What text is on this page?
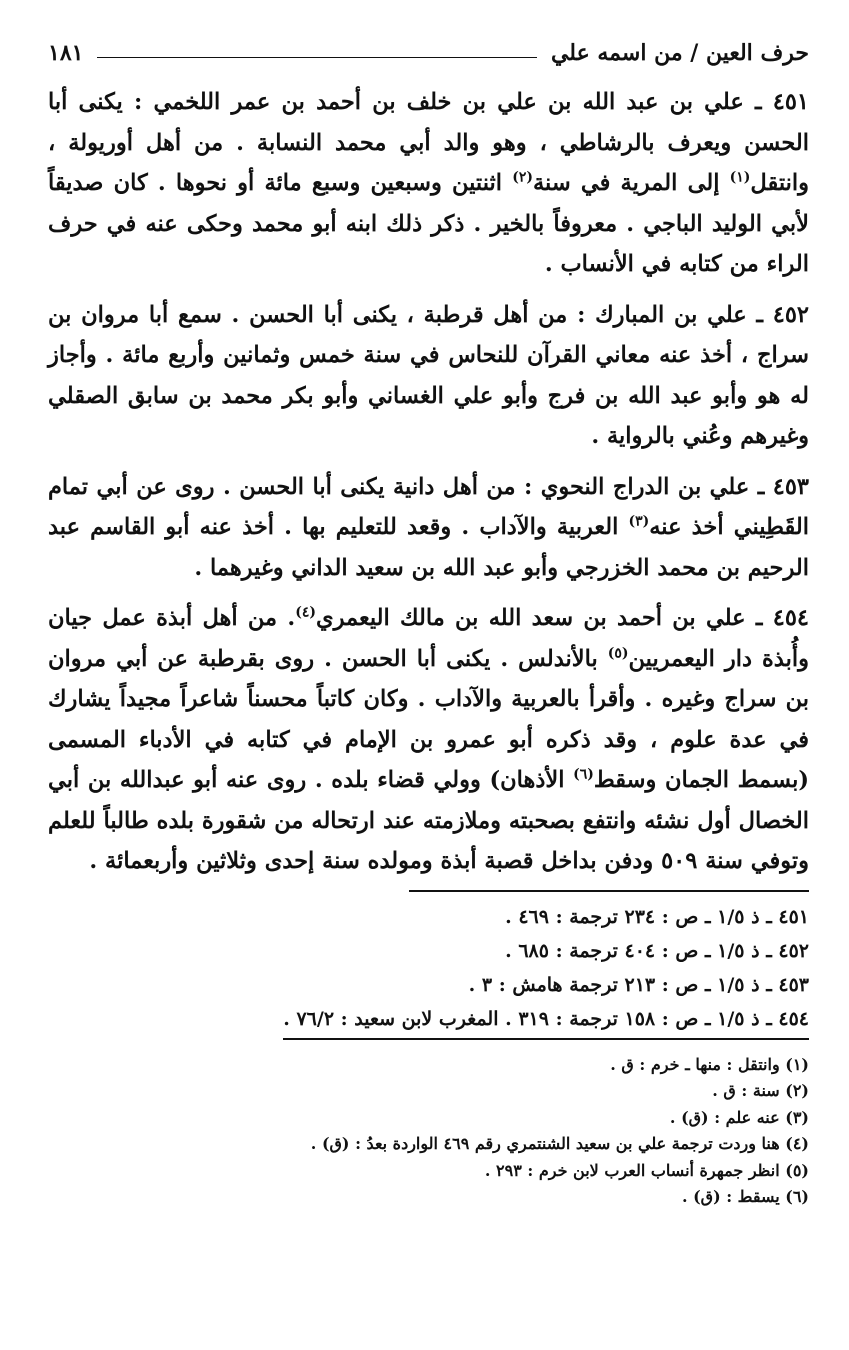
حرف العين / من اسمه علي
١٨١

٤٥١ ـ علي بن عبد الله بن علي بن خلف بن أحمد بن عمر اللخمي : يكنى أبا الحسن ويعرف بالرشاطي ، وهو والد أبي محمد النسابة . من أهل أوريولة ، وانتقل$^{(١)}$ إلى المرية في سنة$^{(٢)}$ اثنتين وسبعين وسبع مائة أو نحوها . كان صديقاً لأبي الوليد الباجي . معروفاً بالخير . ذكر ذلك ابنه أبو محمد وحكى عنه في حرف الراء من كتابه في الأنساب .

٤٥٢ ـ علي بن المبارك : من أهل قرطبة ، يكنى أبا الحسن . سمع أبا مروان بن سراج ، أخذ عنه معاني القرآن للنحاس في سنة خمس وثمانين وأربع مائة . وأجاز له هو وأبو عبد الله بن فرج وأبو علي الغساني وأبو بكر محمد بن سابق الصقلي وغيرهم وعُني بالرواية .

٤٥٣ ـ علي بن الدراج النحوي : من أهل دانية يكنى أبا الحسن . روى عن أبي تمام القَطِيني أخذ عنه$^{(٣)}$ العربية والآداب . وقعد للتعليم بها . أخذ عنه أبو القاسم عبد الرحيم بن محمد الخزرجي وأبو عبد الله بن سعيد الداني وغيرهما .

٤٥٤ ـ علي بن أحمد بن سعد الله بن مالك اليعمري$^{(٤)}$. من أهل أبذة عمل جيان وأُبذة دار اليعمريين$^{(٥)}$ بالأندلس . يكنى أبا الحسن . روى بقرطبة عن أبي مروان بن سراج وغيره . وأقرأ بالعربية والآداب . وكان كاتباً محسناً شاعراً مجيداً يشارك في عدة علوم ، وقد ذكره أبو عمرو بن الإمام في كتابه في الأدباء المسمى (بسمط الجمان وسقط$^{(٦)}$ الأذهان) وولي قضاء بلده . روى عنه أبو عبدالله بن أبي الخصال أول نشئه وانتفع بصحبته وملازمته عند ارتحاله من شقورة بلده طالباً للعلم وتوفي سنة ٥٠٩ ودفن بداخل قصبة أبذة ومولده سنة إحدى وثلاثين وأربعمائة .

٤٥١ ـ ذ ١/٥ ـ ص : ٢٣٤ ترجمة : ٤٦٩ .
٤٥٢ ـ ذ ١/٥ ـ ص : ٤٠٤ ترجمة : ٦٨٥ .
٤٥٣ ـ ذ ١/٥ ـ ص : ٢١٣ ترجمة هامش : ٣ .
٤٥٤ ـ ذ ١/٥ ـ ص : ١٥٨ ترجمة : ٣١٩ . المغرب لابن سعيد : ٧٦/٢ .
(١) وانتقل : منها ـ خرم : ق .
(٢) سنة : ق .
(٣) عنه علم : (ق) .
(٤) هنا وردت ترجمة علي بن سعيد الشنتمري رقم ٤٦٩ الواردة بعدُ : (ق) .
(٥) انظر جمهرة أنساب العرب لابن خرم : ٢٩٣ .
(٦) يسقط : (ق) .
